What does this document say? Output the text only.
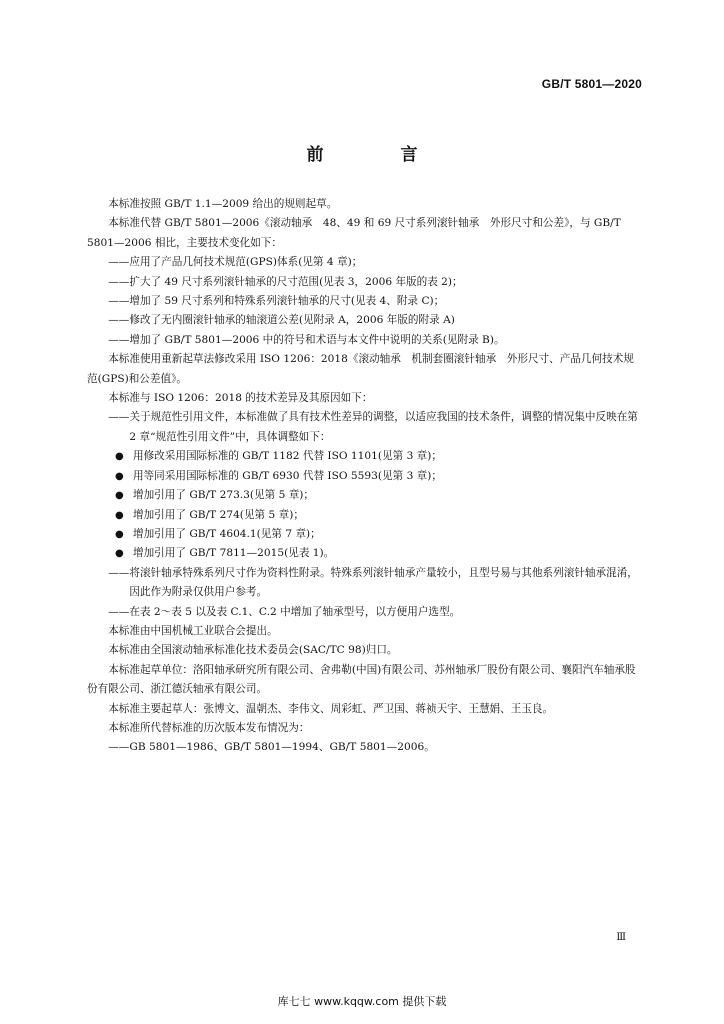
GB/T 5801—2020
前　言

本标准按照 GB/T 1.1—2009 给出的规则起草。

本标准代替 GB/T 5801—2006《滚动轴承　48、49 和 69 尺寸系列滚针轴承　外形尺寸和公差》，与 GB/T 5801—2006 相比，主要技术变化如下：

——应用了产品几何技术规范(GPS)体系(见第 4 章)；

——扩大了 49 尺寸系列滚针轴承的尺寸范围(见表 3，2006 年版的表 2)；

——增加了 59 尺寸系列和特殊系列滚针轴承的尺寸(见表 4、附录 C)；

——修改了无内圈滚针轴承的轴滚道公差(见附录 A，2006 年版的附录 A)

——增加了 GB/T 5801—2006 中的符号和术语与本文件中说明的关系(见附录 B)。

本标准使用重新起草法修改采用 ISO 1206：2018《滚动轴承　机制套圈滚针轴承　外形尺寸、产品几何技术规范(GPS)和公差值》。

本标准与 ISO 1206：2018 的技术差异及其原因如下：

——关于规范性引用文件，本标准做了具有技术性差异的调整，以适应我国的技术条件，调整的情况集中反映在第 2 章“规范性引用文件”中，具体调整如下：

● 用修改采用国际标准的 GB/T 1182 代替 ISO 1101(见第 3 章)；

● 用等同采用国际标准的 GB/T 6930 代替 ISO 5593(见第 3 章)；

● 增加引用了 GB/T 273.3(见第 5 章)；

● 增加引用了 GB/T 274(见第 5 章)；

● 增加引用了 GB/T 4604.1(见第 7 章)；

● 增加引用了 GB/T 7811—2015(见表 1)。

——将滚针轴承特殊系列尺寸作为资料性附录。特殊系列滚针轴承产量较小，且型号易与其他系列滚针轴承混淆，因此作为附录仅供用户参考。

——在表 2～表 5 以及表 C.1、C.2 中增加了轴承型号，以方便用户选型。

本标准由中国机械工业联合会提出。

本标准由全国滚动轴承标准化技术委员会(SAC/TC 98)归口。

本标准起草单位：洛阳轴承研究所有限公司、舍弗勒(中国)有限公司、苏州轴承厂股份有限公司、襄阳汽车轴承股份有限公司、浙江德沃轴承有限公司。

本标准主要起草人：张博文、温朝杰、李伟文、周彩虹、严卫国、蒋祯天宇、王慧娟、王玉良。

本标准所代替标准的历次版本发布情况为：

——GB 5801—1986、GB/T 5801—1994、GB/T 5801—2006。

Ⅲ
库七七 www.kqqw.com 提供下载
